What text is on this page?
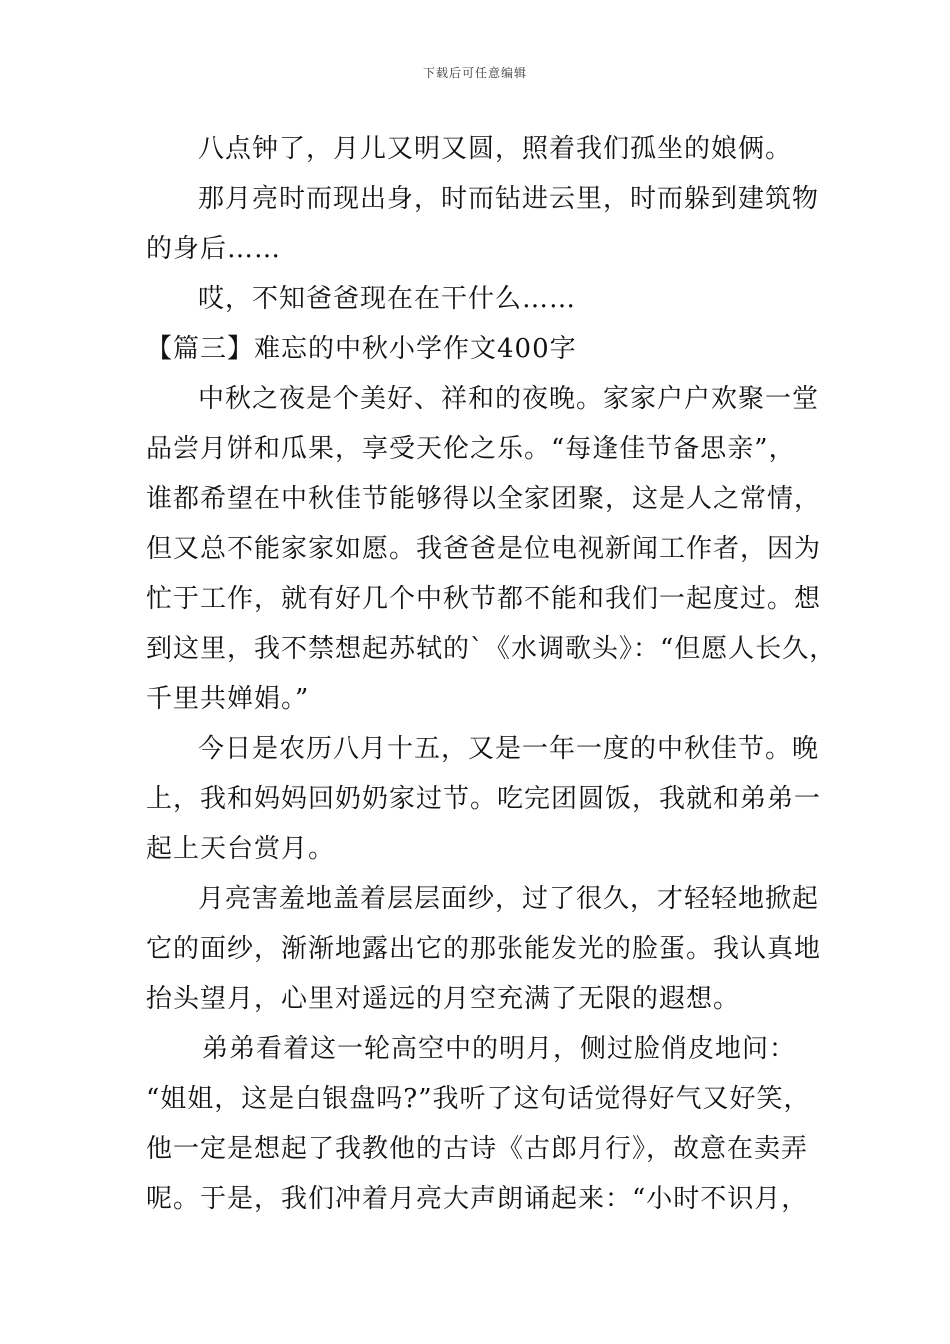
下载后可任意编辑
八点钟了，月儿又明又圆，照着我们孤坐的娘俩。
那月亮时而现出身，时而钻进云里，时而躲到建筑物
的身后……
哎，不知爸爸现在在干什么……
【篇三】难忘的中秋小学作文400字
中秋之夜是个美好、祥和的夜晚。家家户户欢聚一堂
品尝月饼和瓜果，享受天伦之乐。“每逢佳节备思亲”，
谁都希望在中秋佳节能够得以全家团聚，这是人之常情，
但又总不能家家如愿。我爸爸是位电视新闻工作者，因为
忙于工作，就有好几个中秋节都不能和我们一起度过。想
到这里，我不禁想起苏轼的`《水调歌头》：“但愿人长久，
千里共婵娟。”
今日是农历八月十五，又是一年一度的中秋佳节。晚
上，我和妈妈回奶奶家过节。吃完团圆饭，我就和弟弟一
起上天台赏月。
月亮害羞地盖着层层面纱，过了很久，才轻轻地掀起
它的面纱，渐渐地露出它的那张能发光的脸蛋。我认真地
抬头望月，心里对遥远的月空充满了无限的遐想。
弟弟看着这一轮高空中的明月，侧过脸俏皮地问：
“姐姐，这是白银盘吗?”我听了这句话觉得好气又好笑，
他一定是想起了我教他的古诗《古郎月行》，故意在卖弄
呢。于是，我们冲着月亮大声朗诵起来：“小时不识月，
